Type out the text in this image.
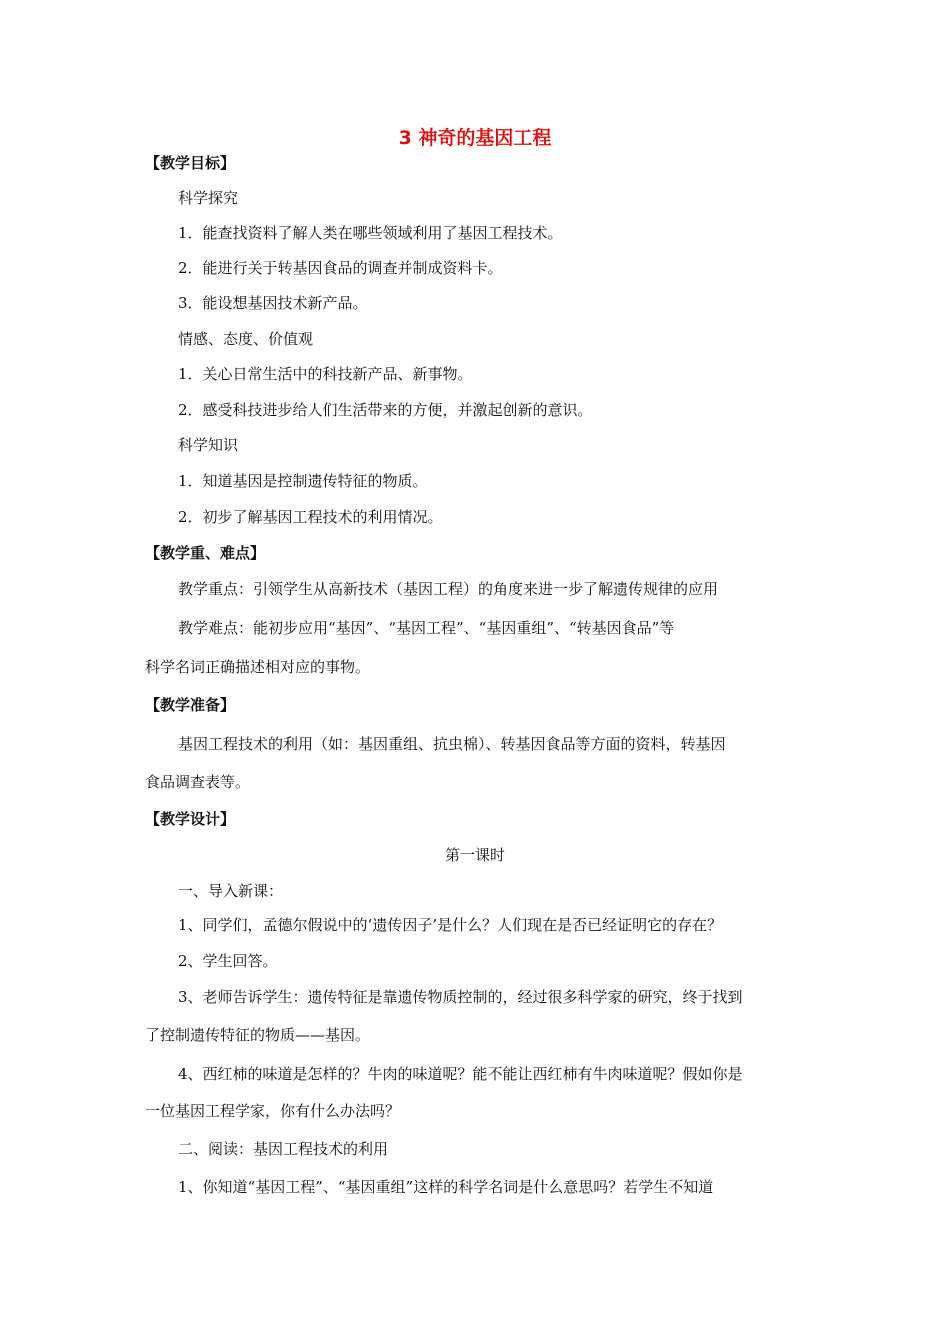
3 神奇的基因工程
【教学目标】
科学探究
1．能查找资料了解人类在哪些领域利用了基因工程技术。
2．能进行关于转基因食品的调查并制成资料卡。
3．能设想基因技术新产品。
情感、态度、价值观
1．关心日常生活中的科技新产品、新事物。
2．感受科技进步给人们生活带来的方便，并激起创新的意识。
科学知识
1．知道基因是控制遗传特征的物质。
2．初步了解基因工程技术的利用情况。
【教学重、难点】
教学重点：引领学生从高新技术（基因工程）的角度来进一步了解遗传规律的应用
教学难点：能初步应用“基因”、“基因工程”、“基因重组”、“转基因食品”等
科学名词正确描述相对应的事物。
【教学准备】
基因工程技术的利用（如：基因重组、抗虫棉）、转基因食品等方面的资料，转基因
食品调查表等。
【教学设计】
第一课时
一、导入新课：
1、同学们，孟德尔假说中的‘遗传因子’是什么？人们现在是否已经证明它的存在？
2、学生回答。
3、老师告诉学生：遗传特征是靠遗传物质控制的，经过很多科学家的研究，终于找到
了控制遗传特征的物质——基因。
4、西红柿的味道是怎样的？牛肉的味道呢？能不能让西红柿有牛肉味道呢？假如你是
一位基因工程学家，你有什么办法吗？
二、阅读：基因工程技术的利用
1、你知道“基因工程”、“基因重组”这样的科学名词是什么意思吗？若学生不知道
